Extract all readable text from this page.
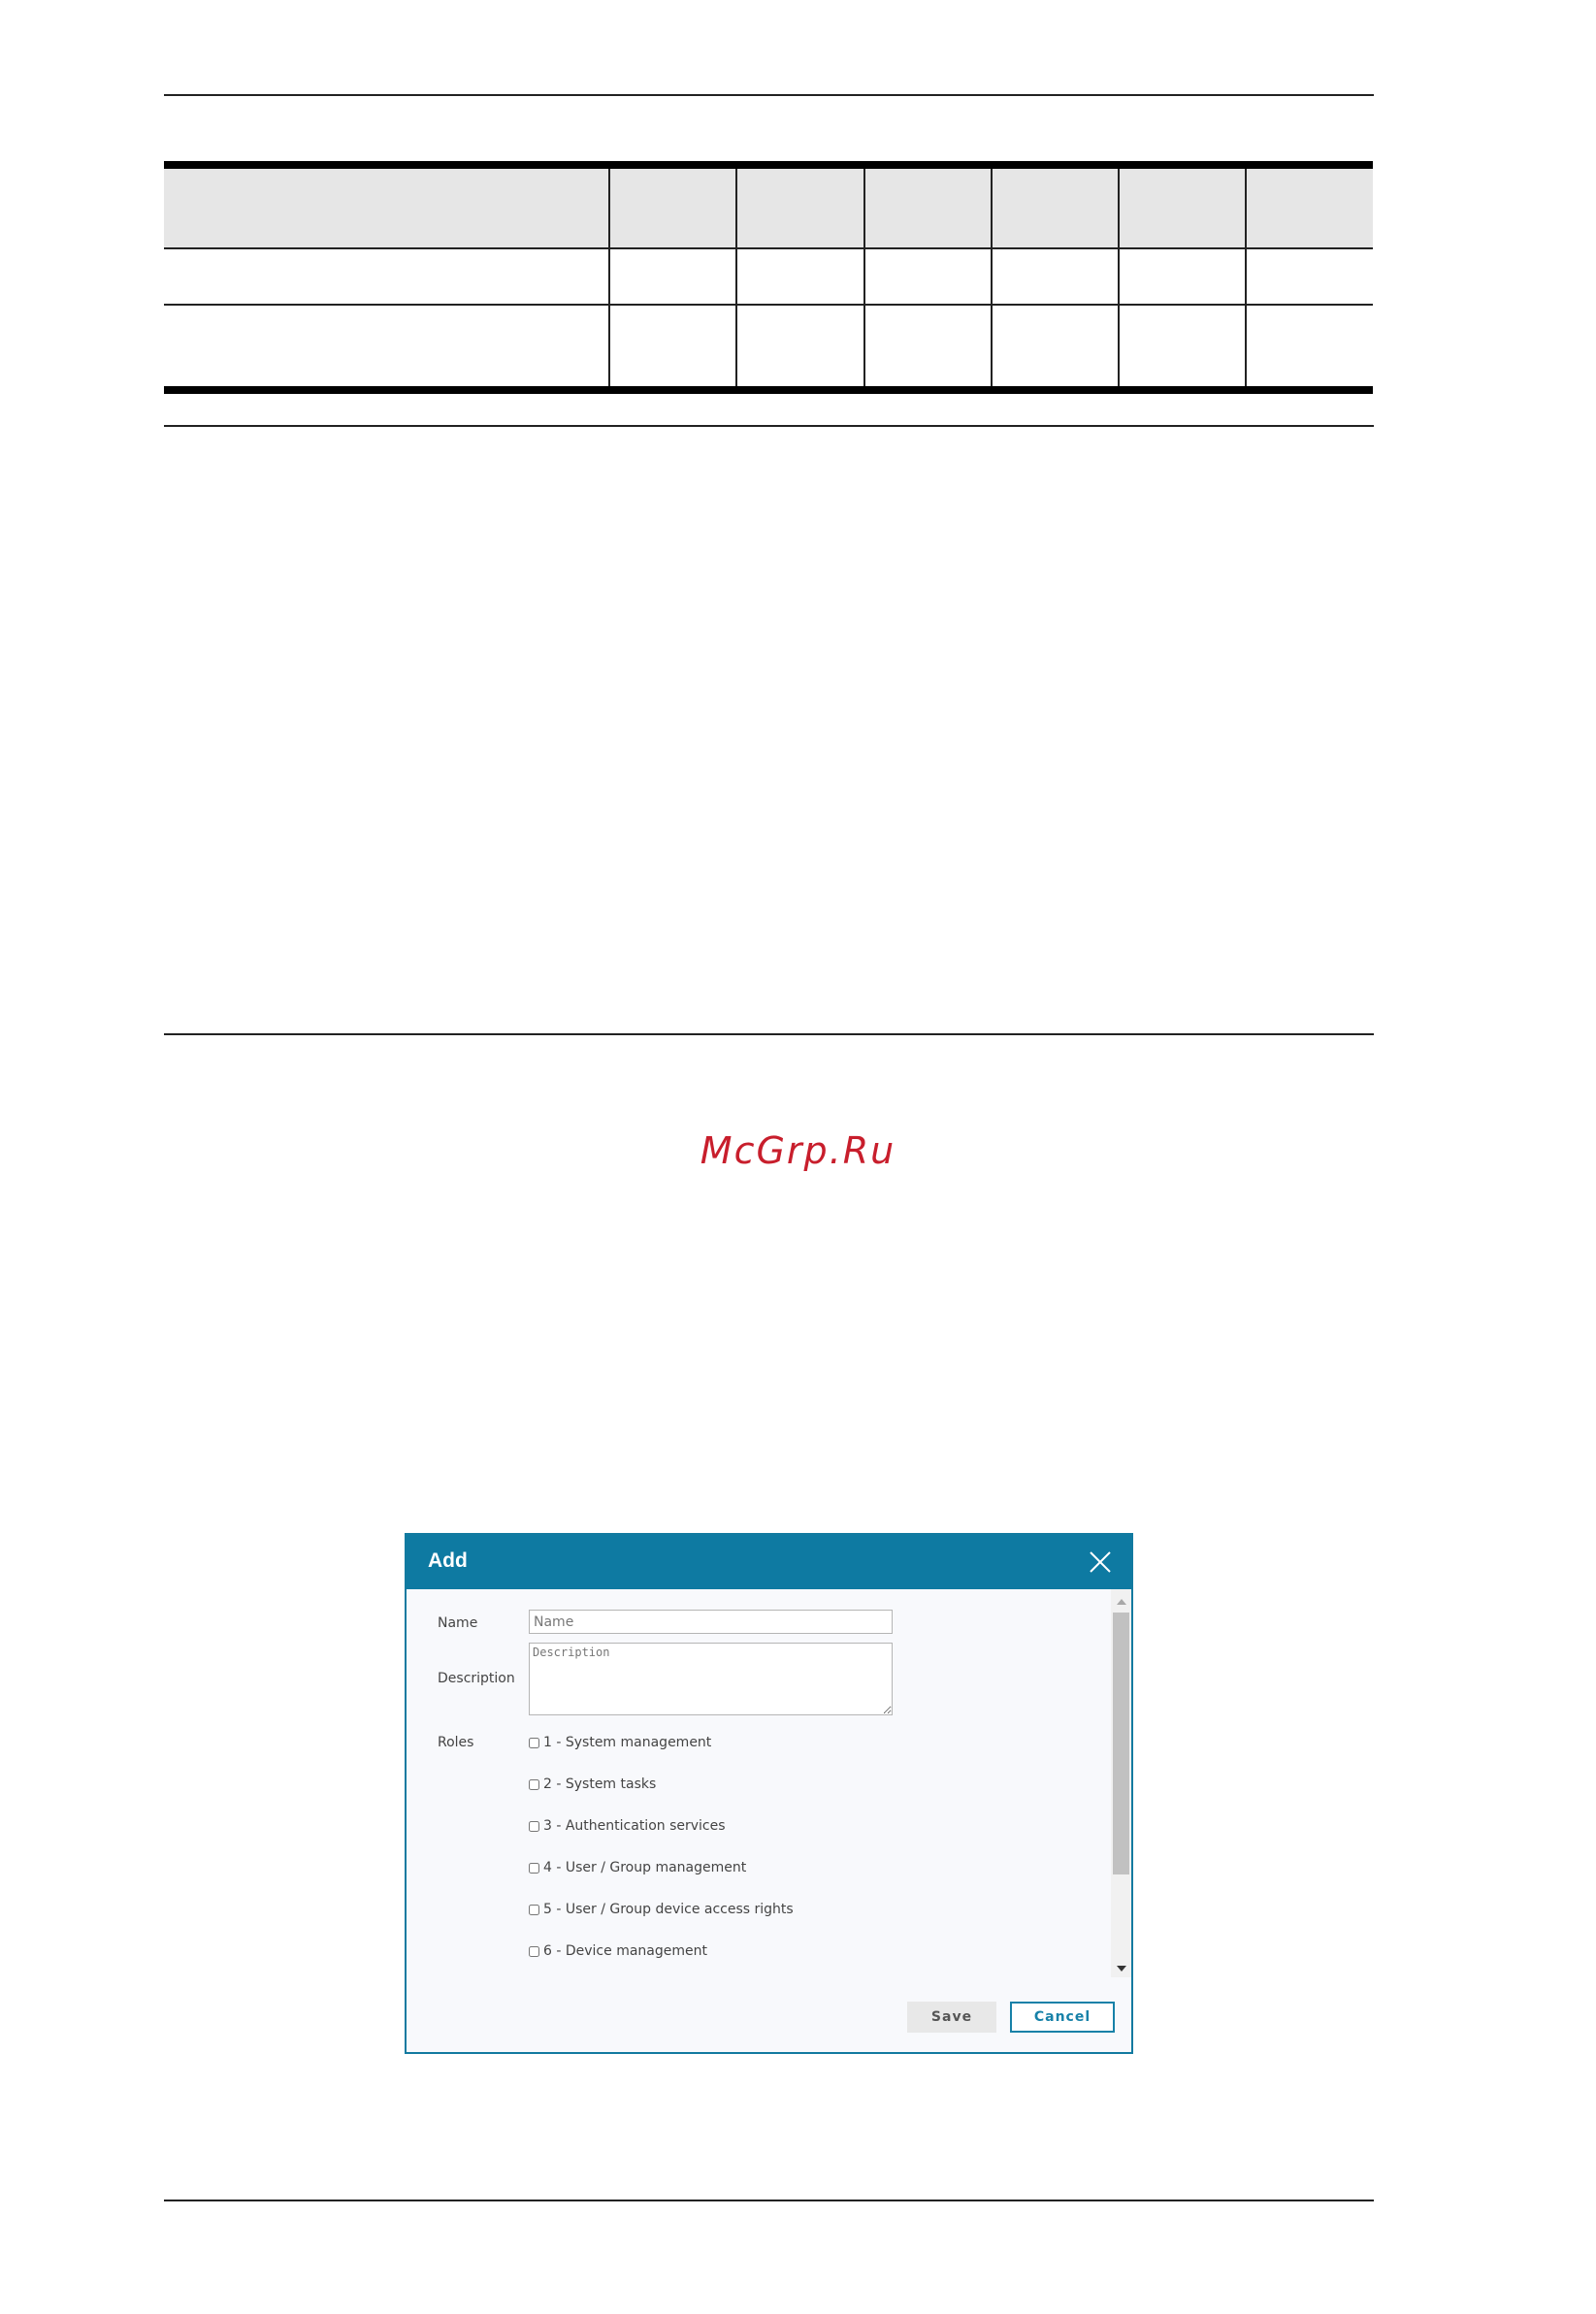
McGrp.Ru
Add
Name
Name
Description
Description
Roles	1 - System management
2 - System tasks
3 - Authentication services
4 - User / Group management
5 - User / Group device access rights
6 - Device management
Save	Cancel
